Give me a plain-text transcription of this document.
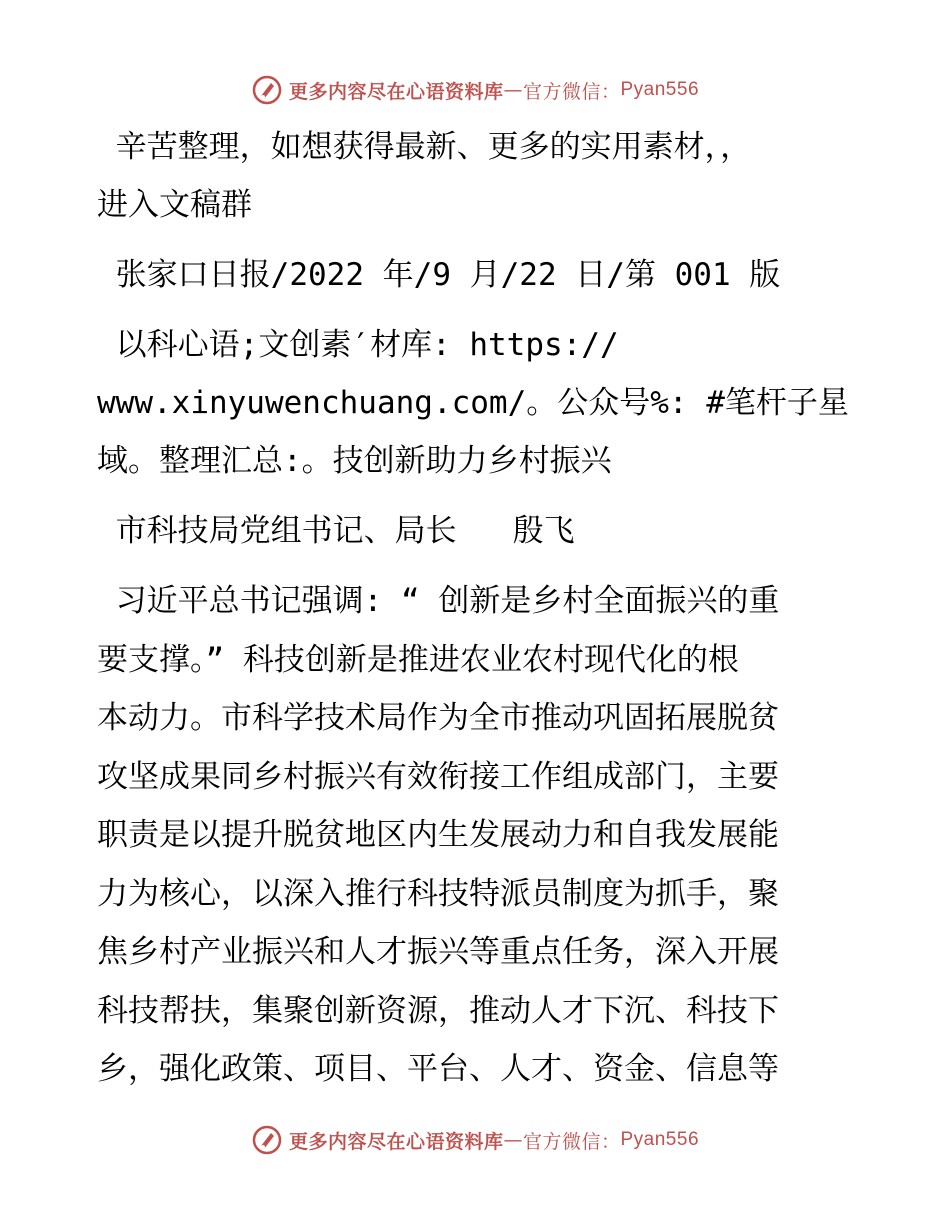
更多内容尽在心语资料库 — 官方微信： Pyan556

辛苦整理，如想获得最新、更多的实用素材，，

进入文稿群

张家口日报/2022 年/9 月/22 日/第 001 版

以科心语;文创素′材库: https://

www.xinyuwenchuang.com/。公众号%: #笔杆子星

域。整理汇总:。技创新助力乡村振兴

市科技局党组书记、局长   殷飞

习近平总书记强调: “ 创新是乡村全面振兴的重

要支撑。” 科技创新是推进农业农村现代化的根

本动力。市科学技术局作为全市推动巩固拓展脱贫

攻坚成果同乡村振兴有效衔接工作组成部门，主要

职责是以提升脱贫地区内生发展动力和自我发展能

力为核心，以深入推行科技特派员制度为抓手，聚

焦乡村产业振兴和人才振兴等重点任务，深入开展

科技帮扶，集聚创新资源，推动人才下沉、科技下

乡，强化政策、项目、平台、人才、资金、信息等

更多内容尽在心语资料库 — 官方微信： Pyan556
